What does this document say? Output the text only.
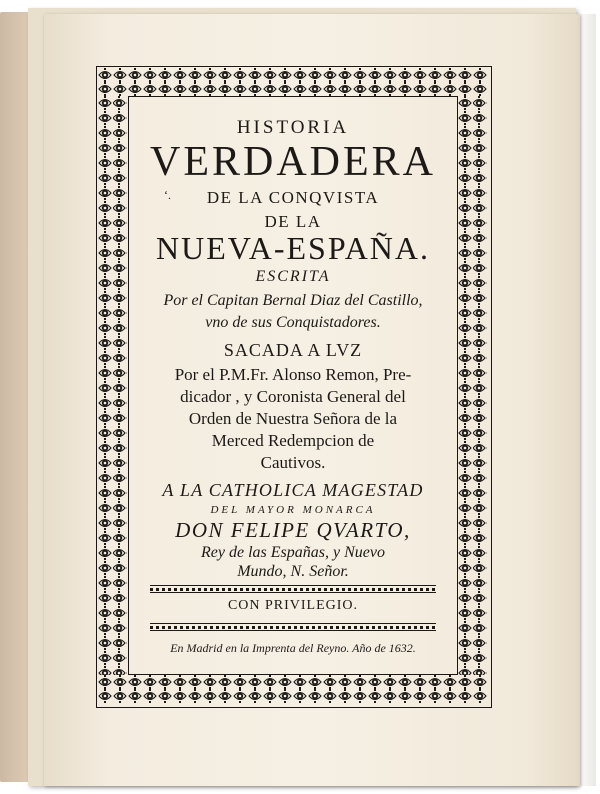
ʻ.
HISTORIA
VERDADERA
DE LA CONQVISTA
DE LA
NUEVA-ESPAÑA.
ESCRITA
Por el Capitan Bernal Diaz del Castillo,
vno de sus Conquistadores.
SACADA A LVZ
Por el P.M.Fr. Alonso Remon, Pre-
dicador , y Coronista General del
Orden de Nuestra Señora de la
Merced Redempcion de
Cautivos.
A LA CATHOLICA MAGESTAD
DEL MAYOR MONARCA
DON FELIPE QVARTO,
Rey de las Españas, y Nuevo
Mundo, N. Señor.
CON PRIVILEGIO.
En Madrid en la Imprenta del Reyno. Año de 1632.
